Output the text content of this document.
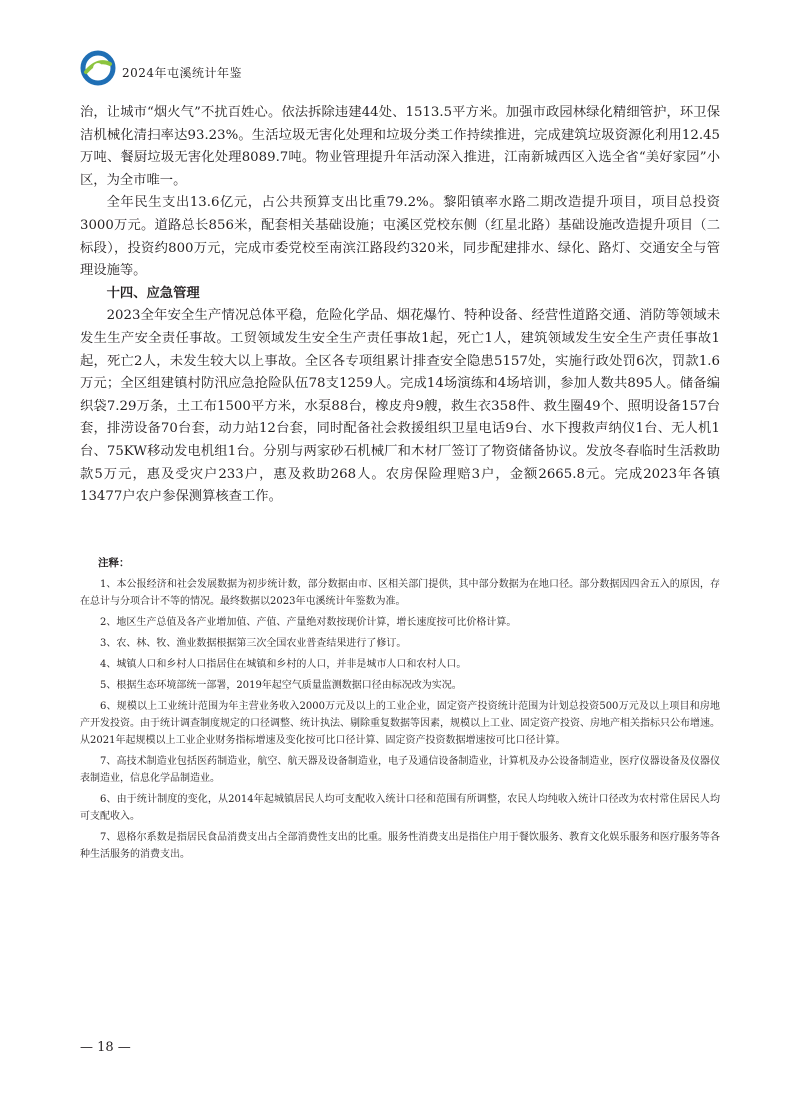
2024年屯溪统计年鉴

治，让城市“烟火气”不扰百姓心。依法拆除违建44处、1513.5平方米。加强市政园林绿化精细管护，环卫保洁机械化清扫率达93.23%。生活垃圾无害化处理和垃圾分类工作持续推进，完成建筑垃圾资源化利用12.45万吨、餐厨垃圾无害化处理8089.7吨。物业管理提升年活动深入推进，江南新城西区入选全省“美好家园”小区，为全市唯一。

全年民生支出13.6亿元，占公共预算支出比重79.2%。黎阳镇率水路二期改造提升项目，项目总投资3000万元。道路总长856米，配套相关基础设施；屯溪区党校东侧（红星北路）基础设施改造提升项目（二标段），投资约800万元，完成市委党校至南滨江路段约320米，同步配建排水、绿化、路灯、交通安全与管理设施等。

十四、应急管理

2023全年安全生产情况总体平稳，危险化学品、烟花爆竹、特种设备、经营性道路交通、消防等领域未发生生产安全责任事故。工贸领域发生安全生产责任事故1起，死亡1人，建筑领域发生安全生产责任事故1起，死亡2人，未发生较大以上事故。全区各专项组累计排查安全隐患5157处，实施行政处罚6次，罚款1.6万元；全区组建镇村防汛应急抢险队伍78支1259人。完成14场演练和4场培训，参加人数共895人。储备编织袋7.29万条，土工布1500平方米，水泵88台，橡皮舟9艘，救生衣358件、救生圈49个、照明设备157台套，排涝设备70台套，动力站12台套，同时配备社会救援组织卫星电话9台、水下搜救声纳仪1台、无人机1台、75KW移动发电机组1台。分别与两家砂石机械厂和木材厂签订了物资储备协议。发放冬春临时生活救助款5万元，惠及受灾户233户，惠及救助268人。农房保险理赔3户，金额2665.8元。完成2023年各镇13477户农户参保测算核查工作。

注释：

1、本公报经济和社会发展数据为初步统计数，部分数据由市、区相关部门提供，其中部分数据为在地口径。部分数据因四舍五入的原因，存在总计与分项合计不等的情况。最终数据以2023年屯溪统计年鉴数为准。

2、地区生产总值及各产业增加值、产值、产量绝对数按现价计算，增长速度按可比价格计算。

3、农、林、牧、渔业数据根据第三次全国农业普查结果进行了修订。

4、城镇人口和乡村人口指居住在城镇和乡村的人口，并非是城市人口和农村人口。

5、根据生态环境部统一部署，2019年起空气质量监测数据口径由标况改为实况。

6、规模以上工业统计范围为年主营业务收入2000万元及以上的工业企业，固定资产投资统计范围为计划总投资500万元及以上项目和房地产开发投资。由于统计调查制度规定的口径调整、统计执法、剔除重复数据等因素，规模以上工业、固定资产投资、房地产相关指标只公布增速。从2021年起规模以上工业企业财务指标增速及变化按可比口径计算、固定资产投资数据增速按可比口径计算。

7、高技术制造业包括医药制造业，航空、航天器及设备制造业，电子及通信设备制造业，计算机及办公设备制造业，医疗仪器设备及仪器仪表制造业，信息化学品制造业。

6、由于统计制度的变化，从2014年起城镇居民人均可支配收入统计口径和范围有所调整，农民人均纯收入统计口径改为农村常住居民人均可支配收入。

7、恩格尔系数是指居民食品消费支出占全部消费性支出的比重。服务性消费支出是指住户用于餐饮服务、教育文化娱乐服务和医疗服务等各种生活服务的消费支出。

— 18 —
